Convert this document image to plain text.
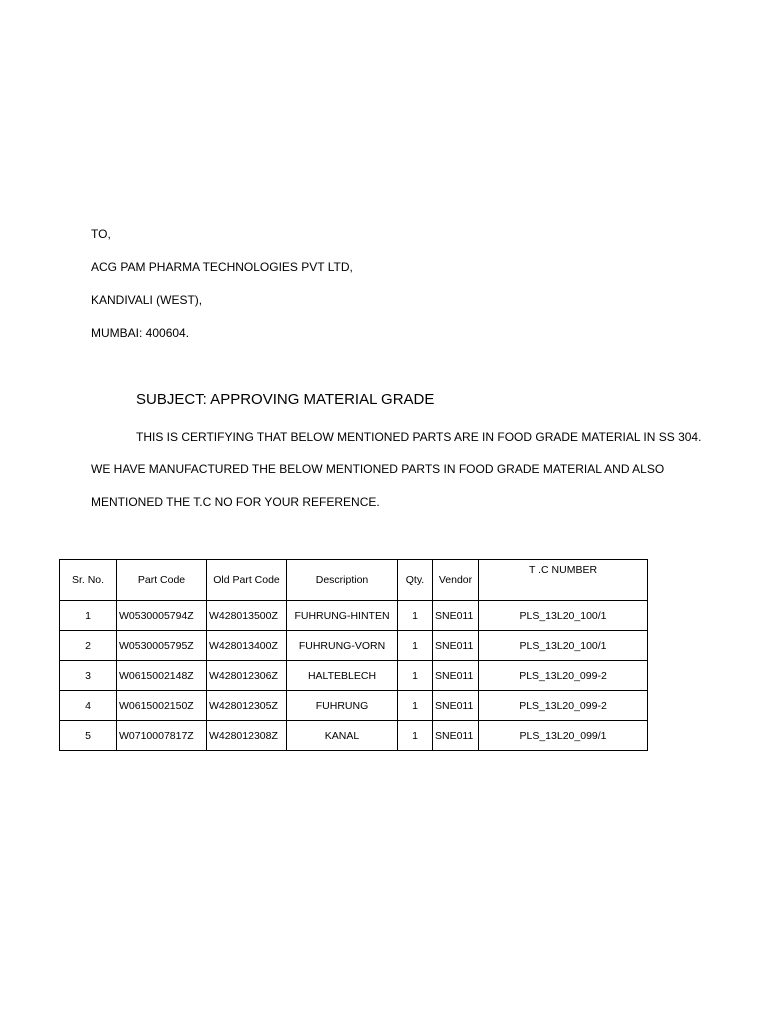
TO,
ACG PAM PHARMA TECHNOLOGIES PVT LTD,
KANDIVALI (WEST),
MUMBAI: 400604.
SUBJECT: APPROVING MATERIAL GRADE
THIS IS CERTIFYING THAT BELOW MENTIONED PARTS ARE IN FOOD GRADE MATERIAL IN SS 304.
WE HAVE MANUFACTURED THE BELOW MENTIONED PARTS IN FOOD GRADE MATERIAL AND ALSO
MENTIONED THE T.C NO FOR YOUR REFERENCE.
Sr. No.	Part Code	Old Part Code	Description	Qty.	Vendor	T .C NUMBER
1	W0530005794Z	W428013500Z	FUHRUNG-HINTEN	1	SNE011	PLS_13L20_100/1
2	W0530005795Z	W428013400Z	FUHRUNG-VORN	1	SNE011	PLS_13L20_100/1
3	W0615002148Z	W428012306Z	HALTEBLECH	1	SNE011	PLS_13L20_099-2
4	W0615002150Z	W428012305Z	FUHRUNG	1	SNE011	PLS_13L20_099-2
5	W0710007817Z	W428012308Z	KANAL	1	SNE011	PLS_13L20_099/1
